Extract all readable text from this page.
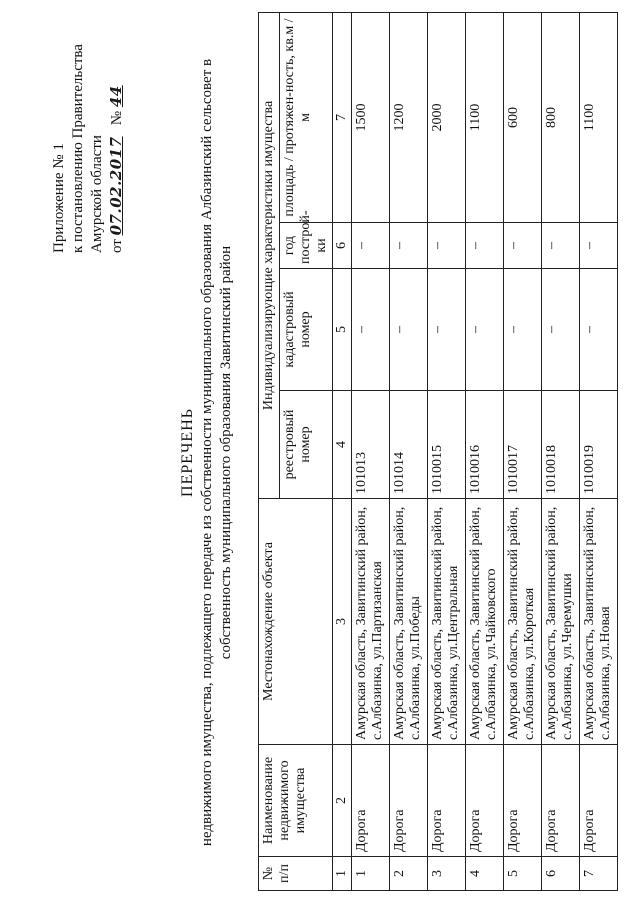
Приложение № 1 к постановлению Правительства Амурской области от 07.02.2017   № 44
ПЕРЕЧЕНЬ недвижимого имущества, подлежащего передаче из собственности муниципального образования Албазинский сельсовет в собственность муниципального образования Завитинский район
№ п/п	Наименование недвижимого имущества	Местонахождение объекта	Индивидуализирующие характеристики имущества			
			реестровый номер	кадастровый номер	год построй-ки	площадь / протяжен-ность, кв.м / м
1	2	3	4	5	6	7
1	Дорога	Амурская область, Завитинский район, с.Албазинка, ул.Партизанская	101013	–	–	1500
2	Дорога	Амурская область, Завитинский район, с.Албазинка, ул.Победы	101014	–	–	1200
3	Дорога	Амурская область, Завитинский район, с.Албазинка, ул.Центральная	1010015	–	–	2000
4	Дорога	Амурская область, Завитинский район, с.Албазинка, ул.Чайковского	1010016	–	–	1100
5	Дорога	Амурская область, Завитинский район, с.Албазинка, ул.Короткая	1010017	–	–	600
6	Дорога	Амурская область, Завитинский район, с.Албазинка, ул.Черемушки	1010018	–	–	800
7	Дорога	Амурская область, Завитинский район, с.Албазинка, ул.Новая	1010019	–	–	1100
